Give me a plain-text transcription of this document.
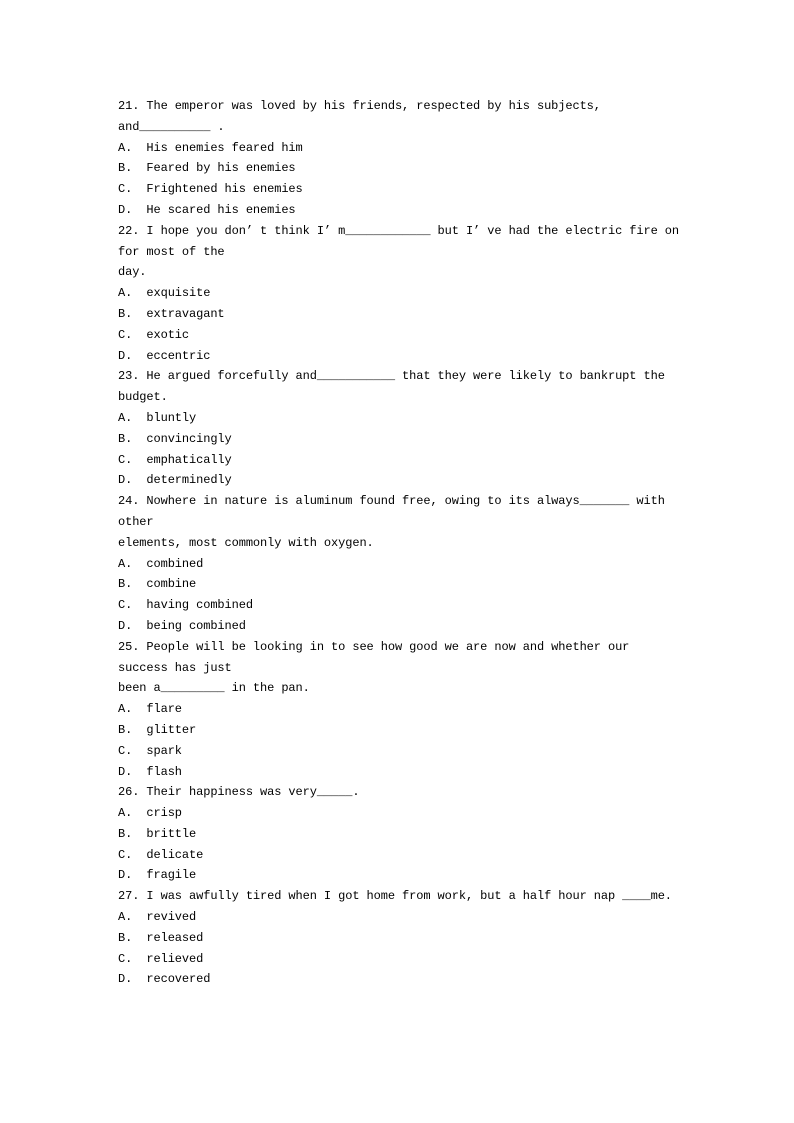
21. The emperor was loved by his friends, respected by his subjects,
and__________ .
A.  His enemies feared him
B.  Feared by his enemies
C.  Frightened his enemies
D.  He scared his enemies
22. I hope you don’ t think I’ m____________ but I’ ve had the electric fire on
for most of the
day.
A.  exquisite
B.  extravagant
C.  exotic
D.  eccentric
23. He argued forcefully and___________ that they were likely to bankrupt the
budget.
A.  bluntly
B.  convincingly
C.  emphatically
D.  determinedly
24. Nowhere in nature is aluminum found free, owing to its always_______ with
other
elements, most commonly with oxygen.
A.  combined
B.  combine
C.  having combined
D.  being combined
25. People will be looking in to see how good we are now and whether our
success has just
been a_________ in the pan.
A.  flare
B.  glitter
C.  spark
D.  flash
26. Their happiness was very_____.
A.  crisp
B.  brittle
C.  delicate
D.  fragile
27. I was awfully tired when I got home from work, but a half hour nap ____me.
A.  revived
B.  released
C.  relieved
D.  recovered
